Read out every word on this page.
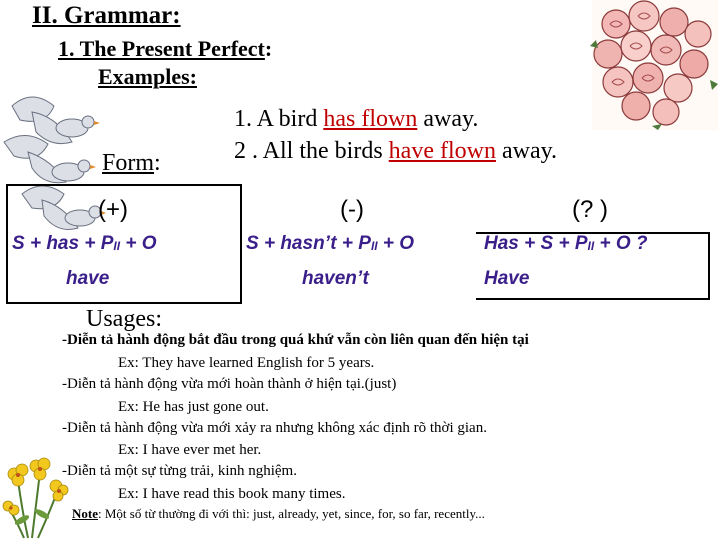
II. Grammar:
1. The Present Perfect:
Examples:
1. A bird has flown away.
2 . All the birds have flown away.
Form:
(+)	(-)	(? )
S + has + PII + O
have
S + hasn’t + PII + O
haven’t
Has + S + PII + O ?
Have
Usages:
-Diễn tả hành động bắt đầu trong quá khứ vẫn còn liên quan đến hiện tại
Ex: They have learned English for 5 years.
-Diễn tả hành động vừa mới hoàn thành ở hiện tại.(just)
Ex: He has just gone out.
-Diễn tả hành động vừa mới xảy ra nhưng không xác định rõ thời gian.
Ex: I have ever met her.
-Diễn tả một sự từng trải, kinh nghiệm.
Ex: I have read this book many times.
Note: Một số từ thường đi với thì: just, already, yet, since, for, so far, recently...
